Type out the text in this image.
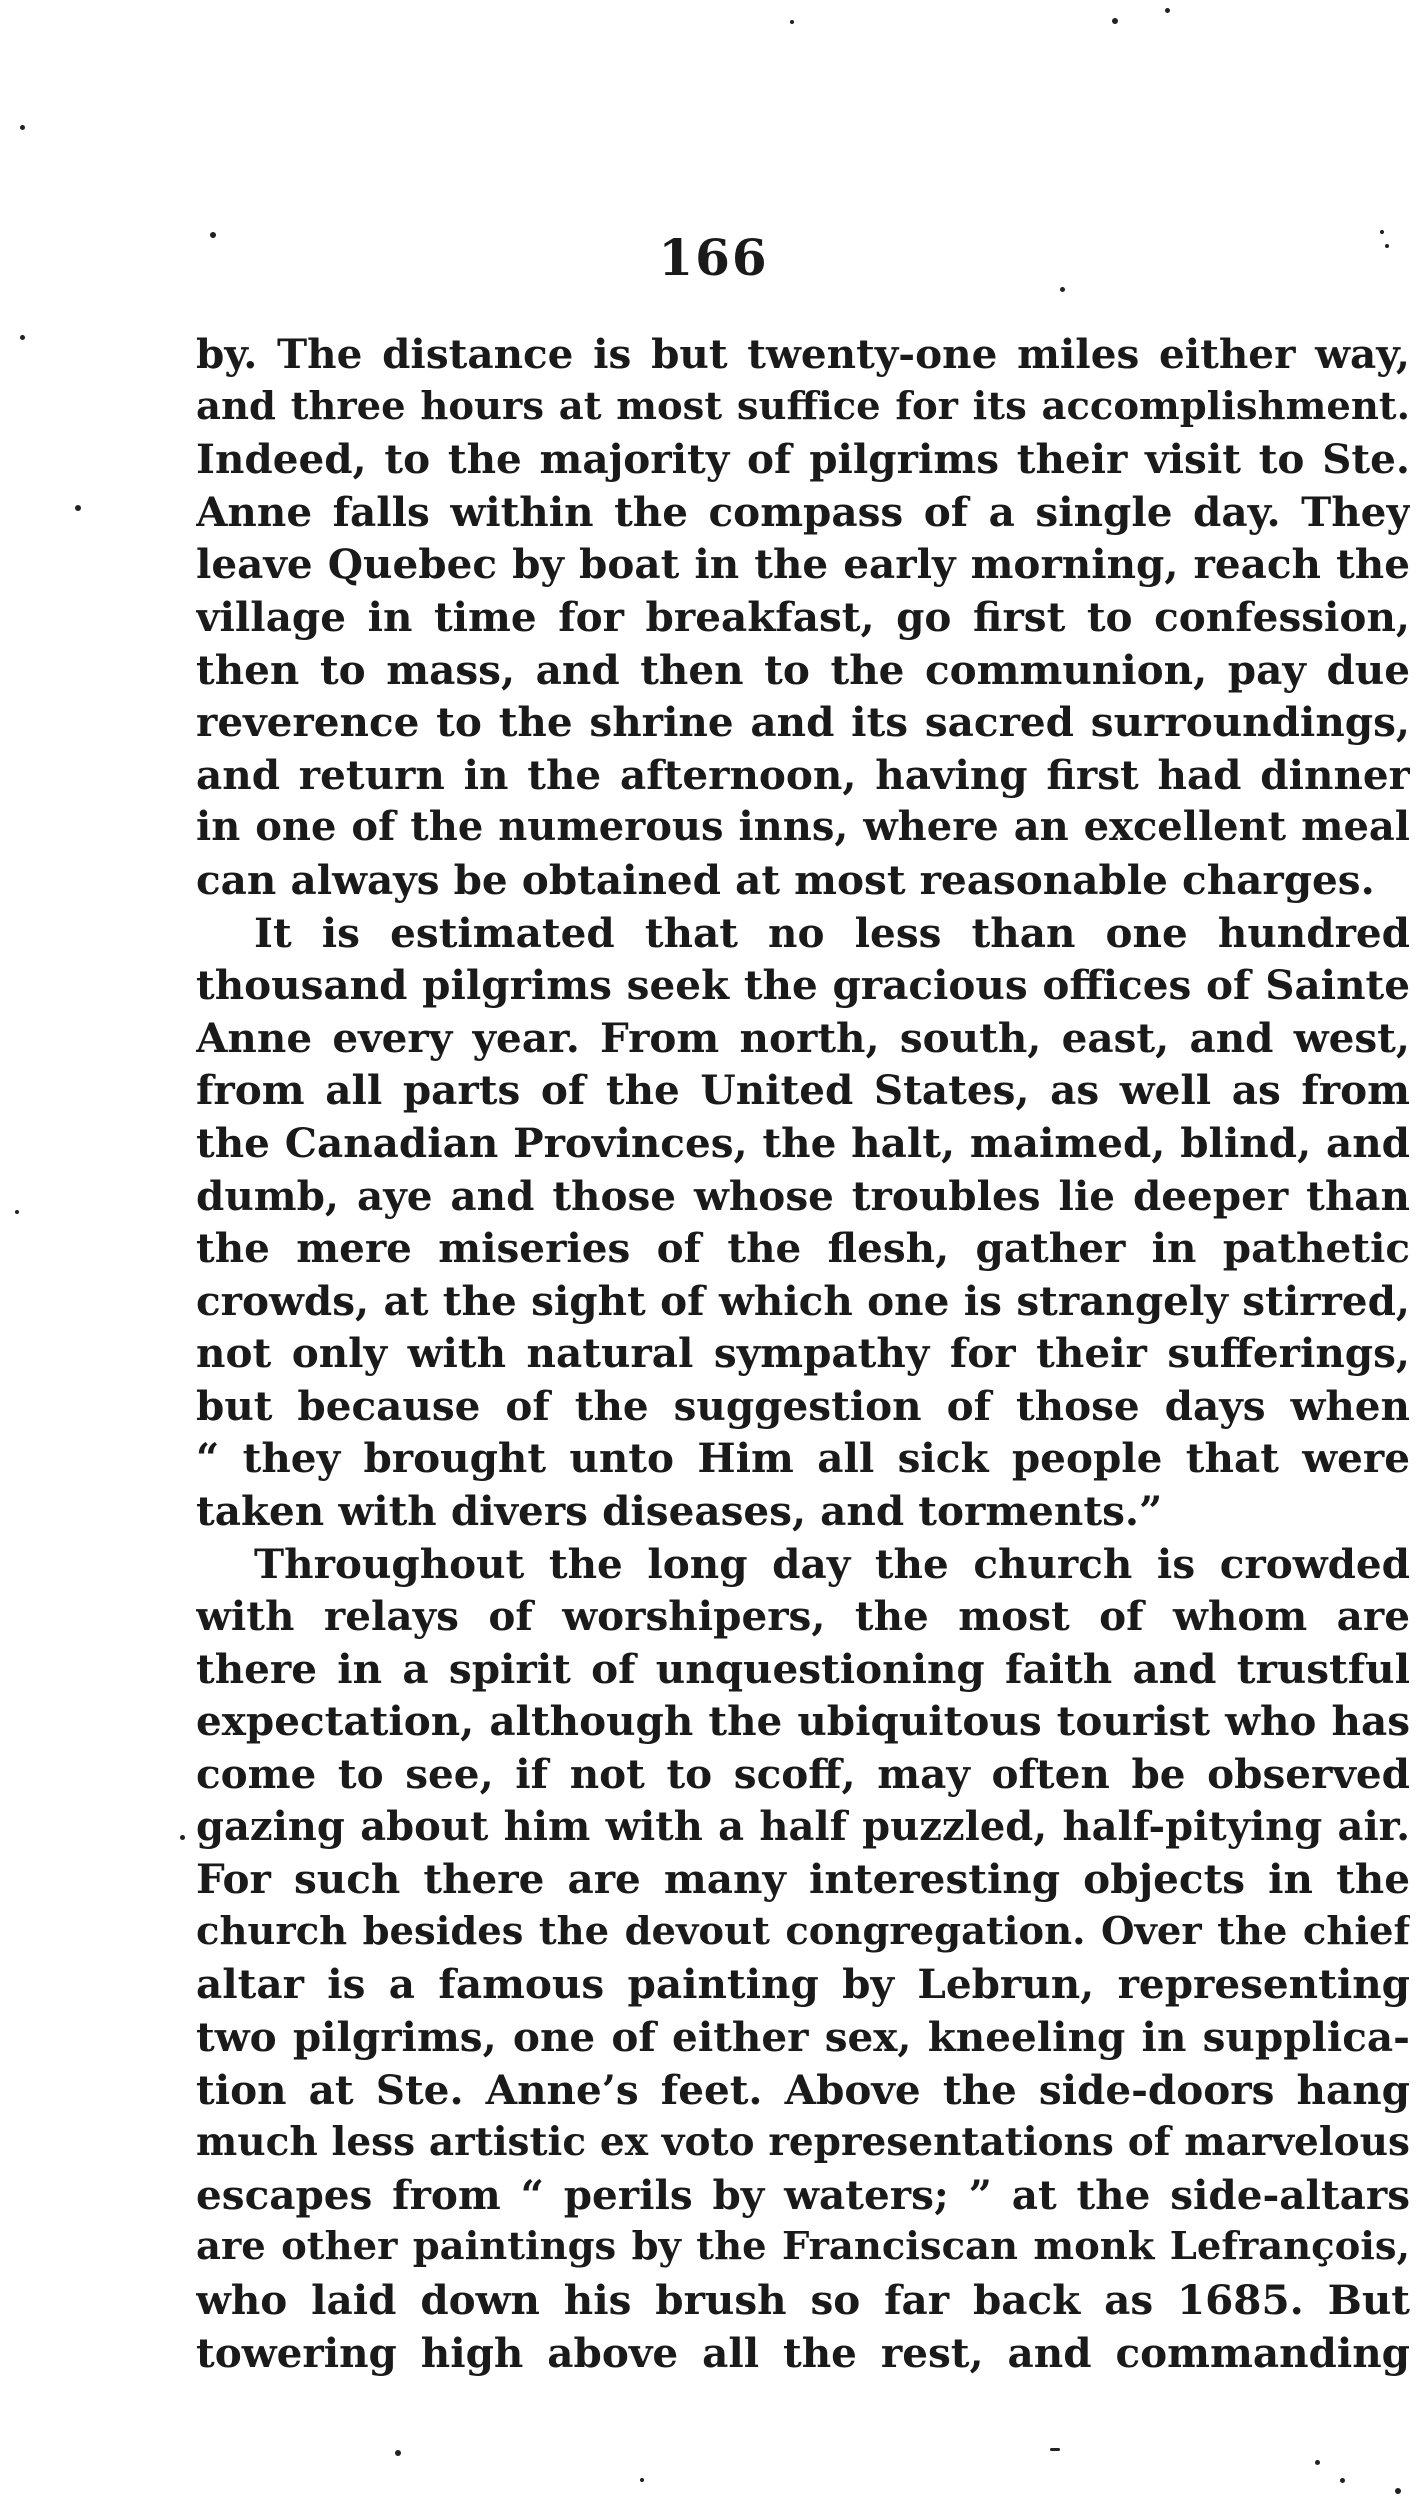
166
by. The distance is but twenty-one miles either way,
and three hours at most suffice for its accomplishment.
Indeed, to the majority of pilgrims their visit to Ste.
Anne falls within the compass of a single day. They
leave Quebec by boat in the early morning, reach the
village in time for breakfast, go first to confession,
then to mass, and then to the communion, pay due
reverence to the shrine and its sacred surroundings,
and return in the afternoon, having first had dinner
in one of the numerous inns, where an excellent meal
can always be obtained at most reasonable charges.
It is estimated that no less than one hundred
thousand pilgrims seek the gracious offices of Sainte
Anne every year. From north, south, east, and west,
from all parts of the United States, as well as from
the Canadian Provinces, the halt, maimed, blind, and
dumb, aye and those whose troubles lie deeper than
the mere miseries of the flesh, gather in pathetic
crowds, at the sight of which one is strangely stirred,
not only with natural sympathy for their sufferings,
but because of the suggestion of those days when
“ they brought unto Him all sick people that were
taken with divers diseases, and torments.”
Throughout the long day the church is crowded
with relays of worshipers, the most of whom are
there in a spirit of unquestioning faith and trustful
expectation, although the ubiquitous tourist who has
come to see, if not to scoff, may often be observed
gazing about him with a half puzzled, half-pitying air.
For such there are many interesting objects in the
church besides the devout congregation. Over the chief
altar is a famous painting by Lebrun, representing
two pilgrims, one of either sex, kneeling in supplica-
tion at Ste. Anne’s feet. Above the side-doors hang
much less artistic ex voto representations of marvelous
escapes from “ perils by waters; ” at the side-altars
are other paintings by the Franciscan monk Lefrançois,
who laid down his brush so far back as 1685. But
towering high above all the rest, and commanding
